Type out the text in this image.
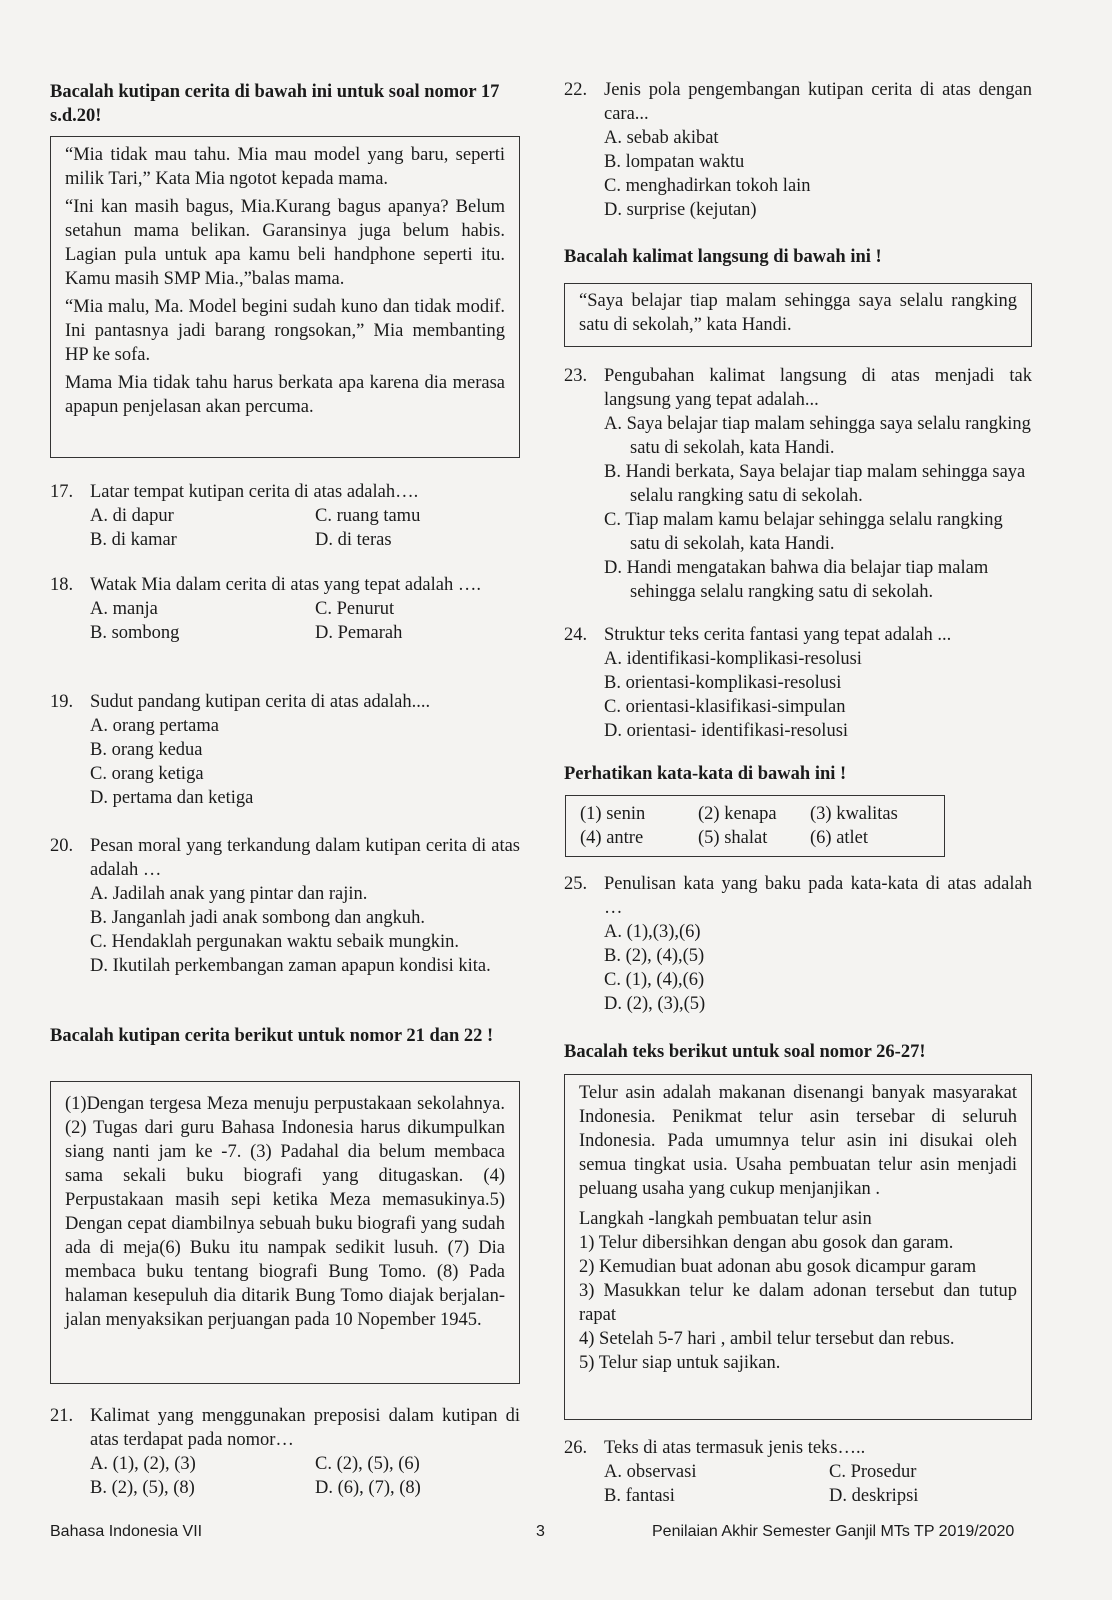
Bacalah kutipan cerita di bawah ini untuk soal nomor 17 s.d.20!

“Mia tidak mau tahu. Mia mau model yang baru, seperti milik Tari,” Kata Mia ngotot kepada mama.

“Ini kan masih bagus, Mia.Kurang bagus apanya? Belum setahun mama belikan. Garansinya juga belum habis. Lagian pula untuk apa kamu beli handphone seperti itu. Kamu masih SMP Mia.,”balas mama.

“Mia malu, Ma. Model begini sudah kuno dan tidak modif. Ini pantasnya jadi barang rongsokan,” Mia membanting HP ke sofa.

Mama Mia tidak tahu harus berkata apa karena dia merasa apapun penjelasan akan percuma.

17. Latar tempat kutipan cerita di atas adalah….
A. di dapur	C. ruang tamu
B. di kamar	D. di teras
18. Watak Mia dalam cerita di atas yang tepat adalah ….
A. manja	C. Penurut
B. sombong	D. Pemarah
19. Sudut pandang kutipan cerita di atas adalah....
A. orang pertama
B. orang kedua
C. orang ketiga
D. pertama dan ketiga
20. Pesan moral yang terkandung dalam kutipan cerita di atas adalah …
A. Jadilah anak yang pintar dan rajin.
B. Janganlah jadi anak sombong dan angkuh.
C. Hendaklah pergunakan waktu sebaik mungkin.
D. Ikutilah perkembangan zaman apapun kondisi kita.
Bacalah kutipan cerita berikut untuk nomor 21 dan 22 !

(1)Dengan tergesa Meza menuju perpustakaan sekolahnya. (2) Tugas dari guru Bahasa Indonesia harus dikumpulkan siang nanti jam ke -7. (3) Padahal dia belum membaca sama sekali buku biografi yang ditugaskan. (4) Perpustakaan masih sepi ketika Meza memasukinya.5) Dengan cepat diambilnya sebuah buku biografi yang sudah ada di meja(6) Buku itu nampak sedikit lusuh. (7) Dia membaca buku tentang biografi Bung Tomo. (8) Pada halaman kesepuluh dia ditarik Bung Tomo diajak berjalan-jalan menyaksikan perjuangan pada 10 Nopember 1945.

21. Kalimat yang menggunakan preposisi dalam kutipan di atas terdapat pada nomor…
A. (1), (2), (3)	C. (2), (5), (6)
B. (2), (5), (8)	D. (6), (7), (8)
22. Jenis pola pengembangan kutipan cerita di atas dengan cara...
A. sebab akibat
B. lompatan waktu
C. menghadirkan tokoh lain
D. surprise (kejutan)
Bacalah kalimat langsung di bawah ini !

“Saya belajar tiap malam sehingga saya selalu rangking satu di sekolah,” kata Handi.

23. Pengubahan kalimat langsung di atas menjadi tak langsung yang tepat adalah...
A. Saya belajar tiap malam sehingga saya selalu rangking satu di sekolah, kata Handi.
B. Handi berkata, Saya belajar tiap malam sehingga saya selalu rangking satu di sekolah.
C. Tiap malam kamu belajar sehingga selalu rangking satu di sekolah, kata Handi.
D. Handi mengatakan bahwa dia belajar tiap malam sehingga selalu rangking satu di sekolah.
24. Struktur teks cerita fantasi yang tepat adalah ...
A. identifikasi-komplikasi-resolusi
B. orientasi-komplikasi-resolusi
C. orientasi-klasifikasi-simpulan
D. orientasi- identifikasi-resolusi
Perhatikan kata-kata di bawah ini !
(1) senin	(2) kenapa	(3) kwalitas
(4) antre	(5) shalat	(6) atlet
25. Penulisan kata yang baku pada kata-kata di atas adalah …
A. (1),(3),(6)
B. (2), (4),(5)
C. (1), (4),(6)
D. (2), (3),(5)
Bacalah teks berikut untuk soal nomor 26-27!

Telur asin adalah makanan disenangi banyak masyarakat Indonesia. Penikmat telur asin tersebar di seluruh Indonesia. Pada umumnya telur asin ini disukai oleh semua tingkat usia. Usaha pembuatan telur asin menjadi peluang usaha yang cukup menjanjikan .

Langkah -langkah pembuatan telur asin

1) Telur dibersihkan dengan abu gosok dan garam.

2) Kemudian buat adonan abu gosok dicampur garam

3) Masukkan telur ke dalam adonan tersebut dan tutup rapat

4) Setelah 5-7 hari , ambil telur tersebut dan rebus.

5) Telur siap untuk sajikan.

26. Teks di atas termasuk jenis teks…..
A. observasi	C. Prosedur
B. fantasi	D. deskripsi
Bahasa Indonesia VII	3	Penilaian Akhir Semester Ganjil MTs TP 2019/2020
